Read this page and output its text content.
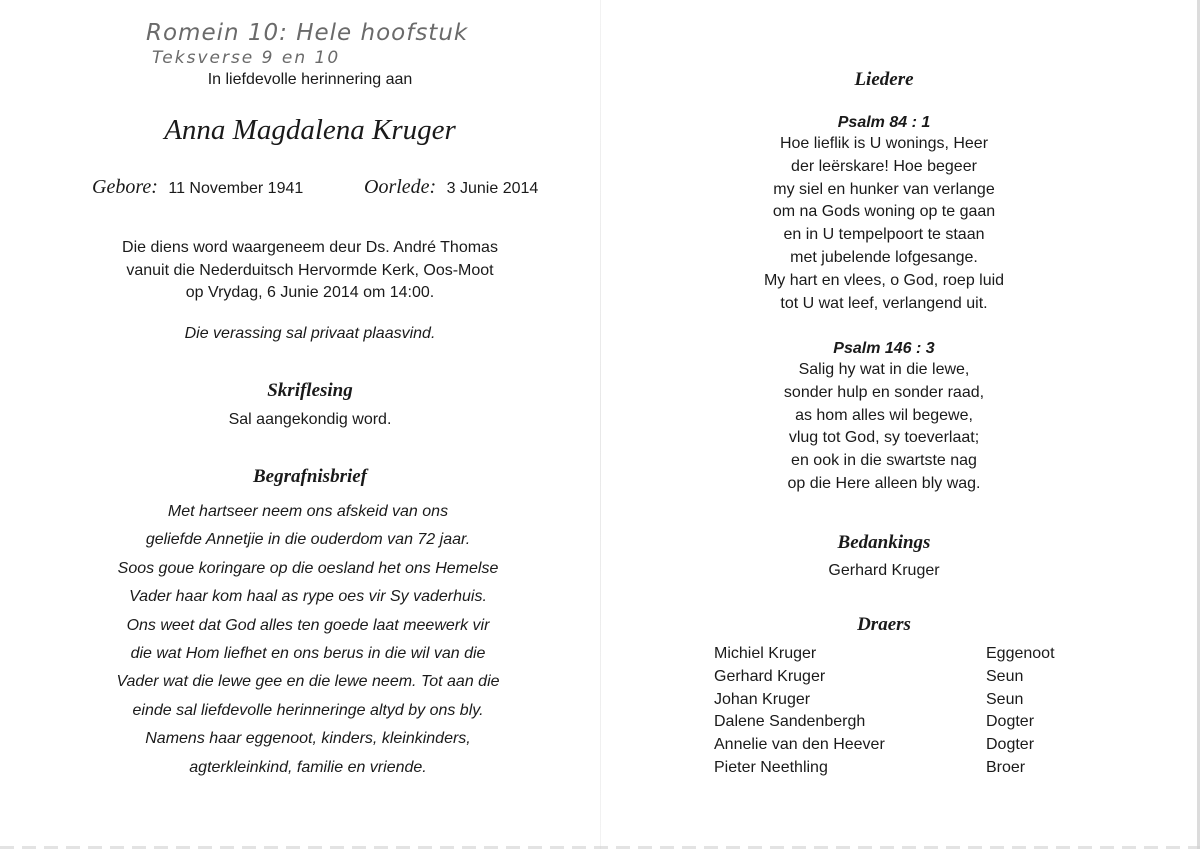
Romein 10: Hele hoofstuk
Teksverse 9 en 10
In liefdevolle herinnering aan
Anna Magdalena Kruger
Gebore: 11 November 1941	Oorlede: 3 Junie 2014
Die diens word waargeneem deur Ds. André Thomas
vanuit die Nederduitsch Hervormde Kerk, Oos-Moot
op Vrydag, 6 Junie 2014 om 14:00.
Die verassing sal privaat plaasvind.
Skriflesing
Sal aangekondig word.
Begrafnisbrief

Met hartseer neem ons afskeid van ons

geliefde Annetjie in die ouderdom van 72 jaar.

Soos goue koringare op die oesland het ons Hemelse

Vader haar kom haal as rype oes vir Sy vaderhuis.

Ons weet dat God alles ten goede laat meewerk vir

die wat Hom liefhet en ons berus in die wil van die

Vader wat die lewe gee en die lewe neem. Tot aan die

einde sal liefdevolle herinneringe altyd by ons bly.

Namens haar eggenoot, kinders, kleinkinders,

agterkleinkind, familie en vriende.

Liedere
Psalm 84 : 1
Hoe lieflik is U wonings, Heer
der leërskare! Hoe begeer
my siel en hunker van verlange
om na Gods woning op te gaan
en in U tempelpoort te staan
met jubelende lofgesange.
My hart en vlees, o God, roep luid
tot U wat leef, verlangend uit.
Psalm 146 : 3
Salig hy wat in die lewe,
sonder hulp en sonder raad,
as hom alles wil begewe,
vlug tot God, sy toeverlaat;
en ook in die swartste nag
op die Here alleen bly wag.
Bedankings
Gerhard Kruger
Draers
Michiel Kruger	Eggenoot
Gerhard Kruger	Seun
Johan Kruger	Seun
Dalene Sandenbergh	Dogter
Annelie van den Heever	Dogter
Pieter Neethling	Broer
